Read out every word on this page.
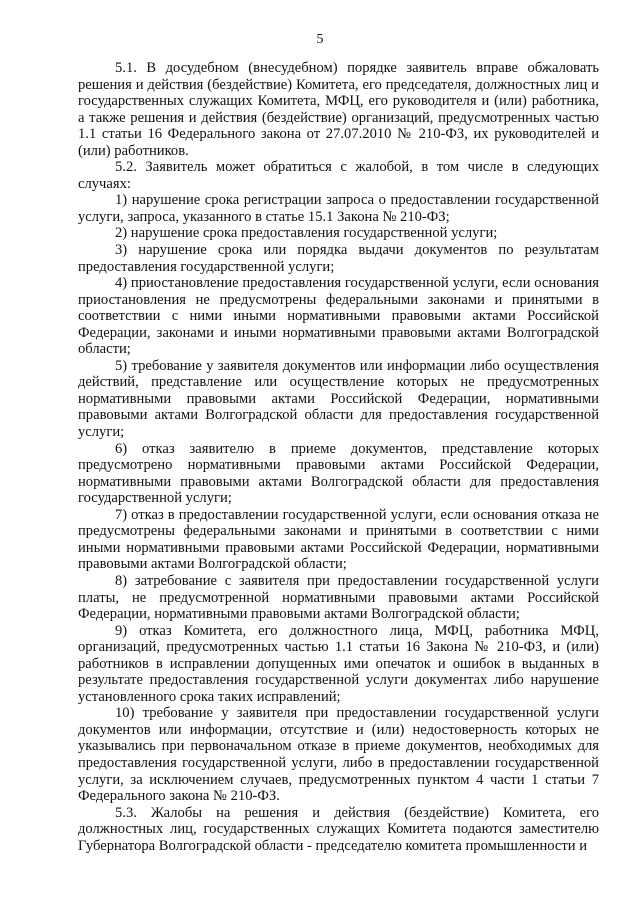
5

5.1. В досудебном (внесудебном) порядке заявитель вправе обжаловать решения и действия (бездействие) Комитета, его председателя, должностных лиц и государственных служащих Комитета, МФЦ, его руководителя и (или) работника, а также решения и действия (бездействие) организаций, предусмотренных частью 1.1 статьи 16 Федерального закона от 27.07.2010 № 210-ФЗ, их руководителей и (или) работников.

5.2. Заявитель может обратиться с жалобой, в том числе в следующих случаях:

1) нарушение срока регистрации запроса о предоставлении государственной услуги, запроса, указанного в статье 15.1 Закона № 210-ФЗ;

2) нарушение срока предоставления государственной услуги;

3) нарушение срока или порядка выдачи документов по результатам предоставления государственной услуги;

4) приостановление предоставления государственной услуги, если основания приостановления не предусмотрены федеральными законами и принятыми в соответствии с ними иными нормативными правовыми актами Российской Федерации, законами и иными нормативными правовыми актами Волгоградской области;

5) требование у заявителя документов или информации либо осуществления действий, представление или осуществление которых не предусмотренных нормативными правовыми актами Российской Федерации, нормативными правовыми актами Волгоградской области для предоставления государственной услуги;

6) отказ заявителю в приеме документов, представление которых предусмотрено нормативными правовыми актами Российской Федерации, нормативными правовыми актами Волгоградской области для предоставления государственной услуги;

7) отказ в предоставлении государственной услуги, если основания отказа не предусмотрены федеральными законами и принятыми в соответствии с ними иными нормативными правовыми актами Российской Федерации, нормативными правовыми актами Волгоградской области;

8) затребование с заявителя при предоставлении государственной услуги платы, не предусмотренной нормативными правовыми актами Российской Федерации, нормативными правовыми актами Волгоградской области;

9) отказ Комитета, его должностного лица, МФЦ, работника МФЦ, организаций, предусмотренных частью 1.1 статьи 16 Закона № 210-ФЗ, и (или) работников в исправлении допущенных ими опечаток и ошибок в выданных в результате предоставления государственной услуги документах либо нарушение установленного срока таких исправлений;

10) требование у заявителя при предоставлении государственной услуги документов или информации, отсутствие и (или) недостоверность которых не указывались при первоначальном отказе в приеме документов, необходимых для предоставления государственной услуги, либо в предоставлении государственной услуги, за исключением случаев, предусмотренных пунктом 4 части 1 статьи 7 Федерального закона № 210-ФЗ.

5.3. Жалобы на решения и действия (бездействие) Комитета, его должностных лиц, государственных служащих Комитета подаются заместителю Губернатора Волгоградской области - председателю комитета промышленности и
